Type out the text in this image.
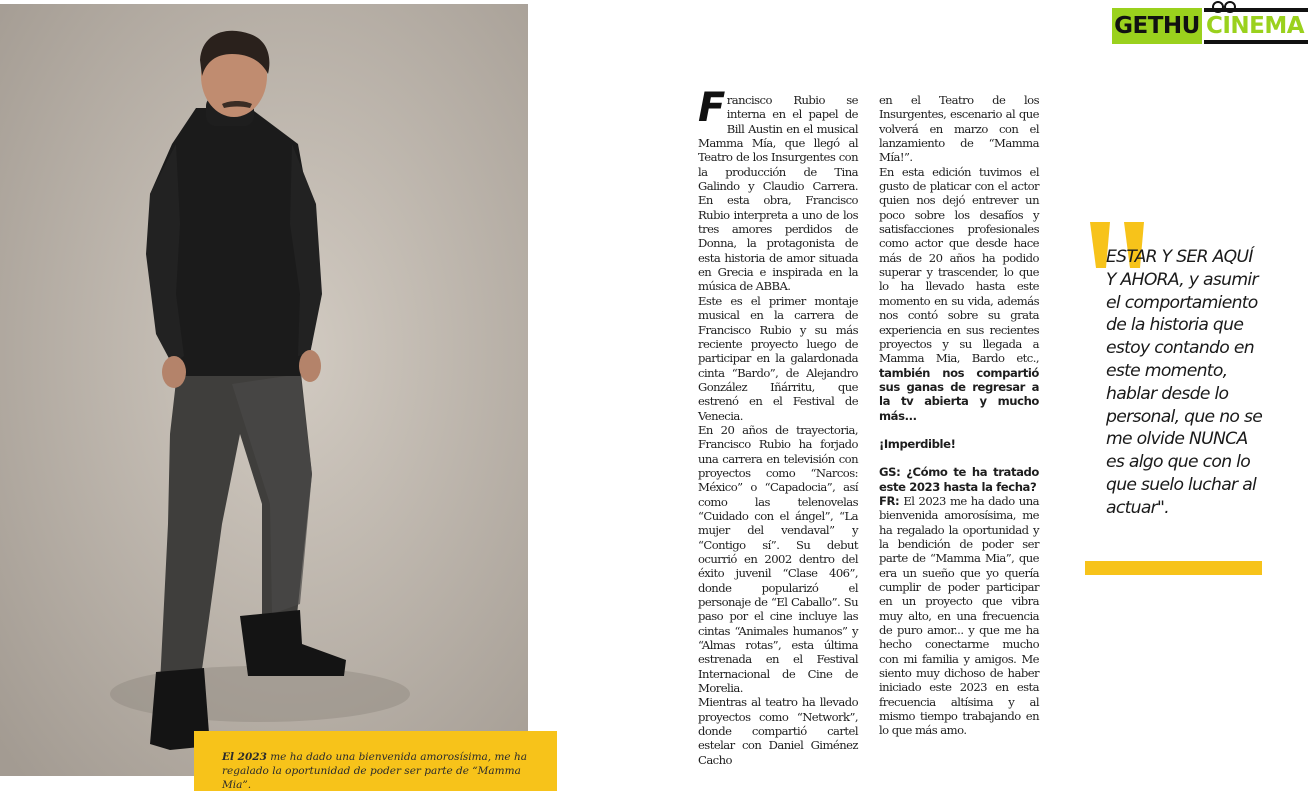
El 2023 me ha dado una bienvenida amorosísima, me ha regalado la oportunidad de poder ser parte de “Mamma Mia”.

GETHU CINEMA
F rancisco Rubio se interna en el papel de Bill Austin en el musical Mamma Mía, que llegó al Teatro de los Insurgentes con la producción de Tina Galindo y Claudio Carrera. En esta obra, Francisco Rubio interpreta a uno de los tres amores perdidos de Donna, la protagonista de esta historia de amor situada en Grecia e inspirada en la música de ABBA.

Este es el primer montaje musical en la carrera de Francisco Rubio y su más reciente proyecto luego de participar en la galardonada cinta “Bardo”, de Alejandro González Iñárritu, que estrenó en el Festival de Venecia.

En 20 años de trayectoria, Francisco Rubio ha forjado una carrera en televisión con proyectos como “Narcos: México” o “Capadocia”, así como las telenovelas “Cuidado con el ángel”, “La mujer del vendaval” y “Contigo sí”. Su debut ocurrió en 2002 dentro del éxito juvenil “Clase 406”, donde popularizó el personaje de “El Caballo”. Su paso por el cine incluye las cintas “Animales humanos” y “Almas rotas”, esta última estrenada en el Festival Internacional de Cine de Morelia.

Mientras al teatro ha llevado proyectos como “Network”, donde compartió cartel estelar con Daniel Giménez Cacho

en el Teatro de los Insurgentes, escenario al que volverá en marzo con el lanzamiento de “Mamma Mía!”.

En esta edición tuvimos el gusto de platicar con el actor quien nos dejó entrever un poco sobre los desafíos y satisfacciones profesionales como actor que desde hace más de 20 años ha podido superar y trascender, lo que lo ha llevado hasta este momento en su vida, además nos contó sobre su grata experiencia en sus recientes proyectos y su llegada a Mamma Mia, Bardo etc., también nos compartió sus ganas de regresar a la tv abierta y mucho más...

¡Imperdible!

GS: ¿Cómo te ha tratado este 2023 hasta la fecha?

FR: El 2023 me ha dado una bienvenida amorosísima, me ha regalado la oportunidad y la bendición de poder ser parte de “Mamma Mia”, que era un sueño que yo quería cumplir de poder participar en un proyecto que vibra muy alto, en una frecuencia de puro amor... y que me ha hecho conectarme mucho con mi familia y amigos. Me siento muy dichoso de haber iniciado este 2023 en esta frecuencia altísima y al mismo tiempo trabajando en lo que más amo.

ESTAR Y SER AQUÍ Y AHORA, y asumir el comportamiento de la historia que estoy contando en este momento, hablar desde lo personal, que no se me olvide NUNCA es algo que con lo que suelo luchar al actuar".
